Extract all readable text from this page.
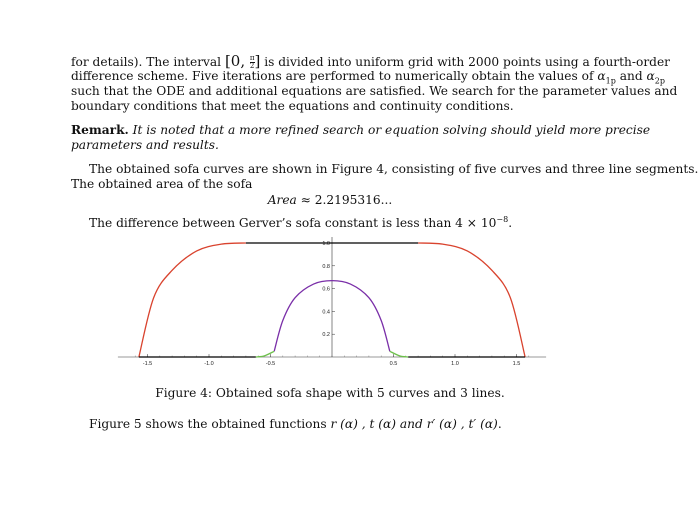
for details). The interval [0, $\frac{\pi}{2}$ ] is divided into uniform grid with 2000 points using a fourth-order
difference scheme. Five iterations are performed to numerically obtain the values of $\alpha_{1p}$ and $\alpha_{2p}$
such that the ODE and additional equations are satisfied. We search for the parameter values and
boundary conditions that meet the equations and continuity conditions.
Remark. It is noted that a more refined search or equation solving should yield more precise
parameters and results.
The obtained sofa curves are shown in Figure 4, consisting of five curves and three line segments.
The obtained area of the sofa
Area ≈ 2.2195316...
The difference between Gerver’s sofa constant is less than $4 \times 10^{-8}$.
-1.5	-1.0	-0.5	0.5	1.0	1.5
0.2
0.4
0.6
0.8
1.0
Figure 4: Obtained sofa shape with 5 curves and 3 lines.
Figure 5 shows the obtained functions r (α) , t (α) and r′ (α) , t′ (α).
